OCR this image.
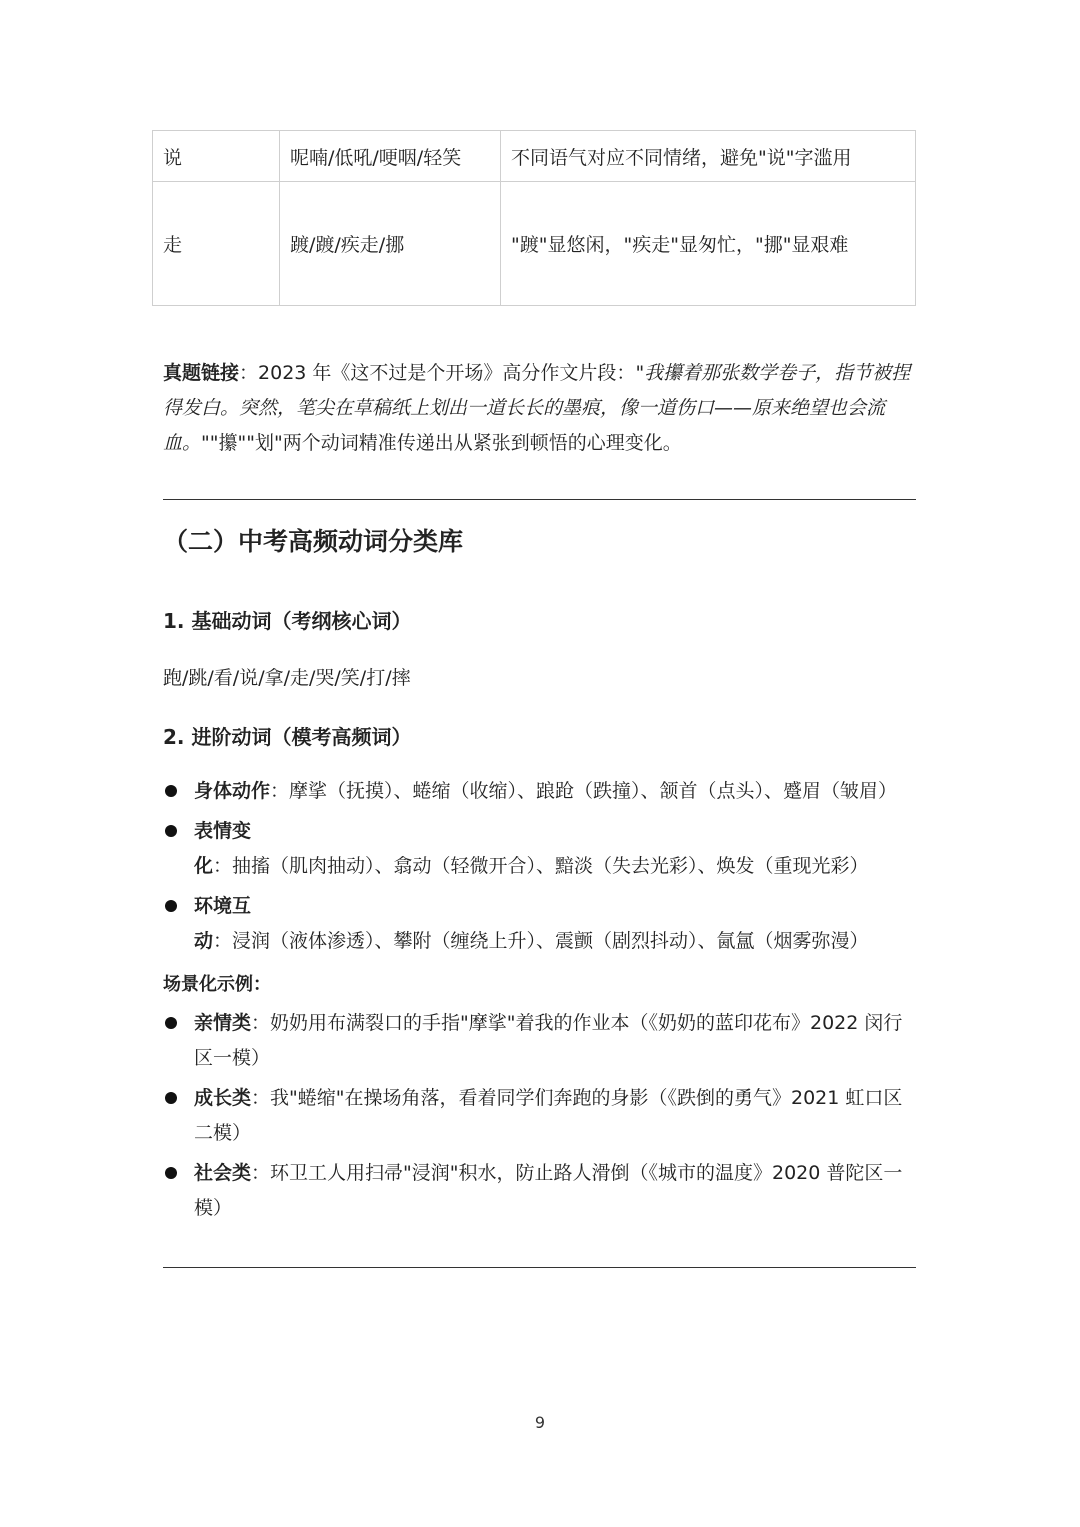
说	呢喃/低吼/哽咽/轻笑	不同语气对应不同情绪，避免"说"字滥用
走	踱/踱/疾走/挪	"踱"显悠闲，"疾走"显匆忙，"挪"显艰难

真题链接：2023 年《这不过是个开场》高分作文片段："我攥着那张数学卷子，指节被捏得发白。突然，笔尖在草稿纸上划出一道长长的墨痕，像一道伤口——原来绝望也会流血。""攥""划"两个动词精准传递出从紧张到顿悟的心理变化。

（二）中考高频动词分类库
1. 基础动词（考纲核心词）

跑/跳/看/说/拿/走/哭/笑/打/摔

2. 进阶动词（模考高频词）
身体动作：摩挲（抚摸）、蜷缩（收缩）、踉跄（跌撞）、颔首（点头）、蹙眉（皱眉）
表情变化：抽搐（肌肉抽动）、翕动（轻微开合）、黯淡（失去光彩）、焕发（重现光彩）
环境互动：浸润（液体渗透）、攀附（缠绕上升）、震颤（剧烈抖动）、氤氲（烟雾弥漫）

场景化示例：

亲情类：奶奶用布满裂口的手指"摩挲"着我的作业本（《奶奶的蓝印花布》2022 闵行区一模）
成长类：我"蜷缩"在操场角落，看着同学们奔跑的身影（《跌倒的勇气》2021 虹口区二模）
社会类：环卫工人用扫帚"浸润"积水，防止路人滑倒（《城市的温度》2020 普陀区一模）
9
